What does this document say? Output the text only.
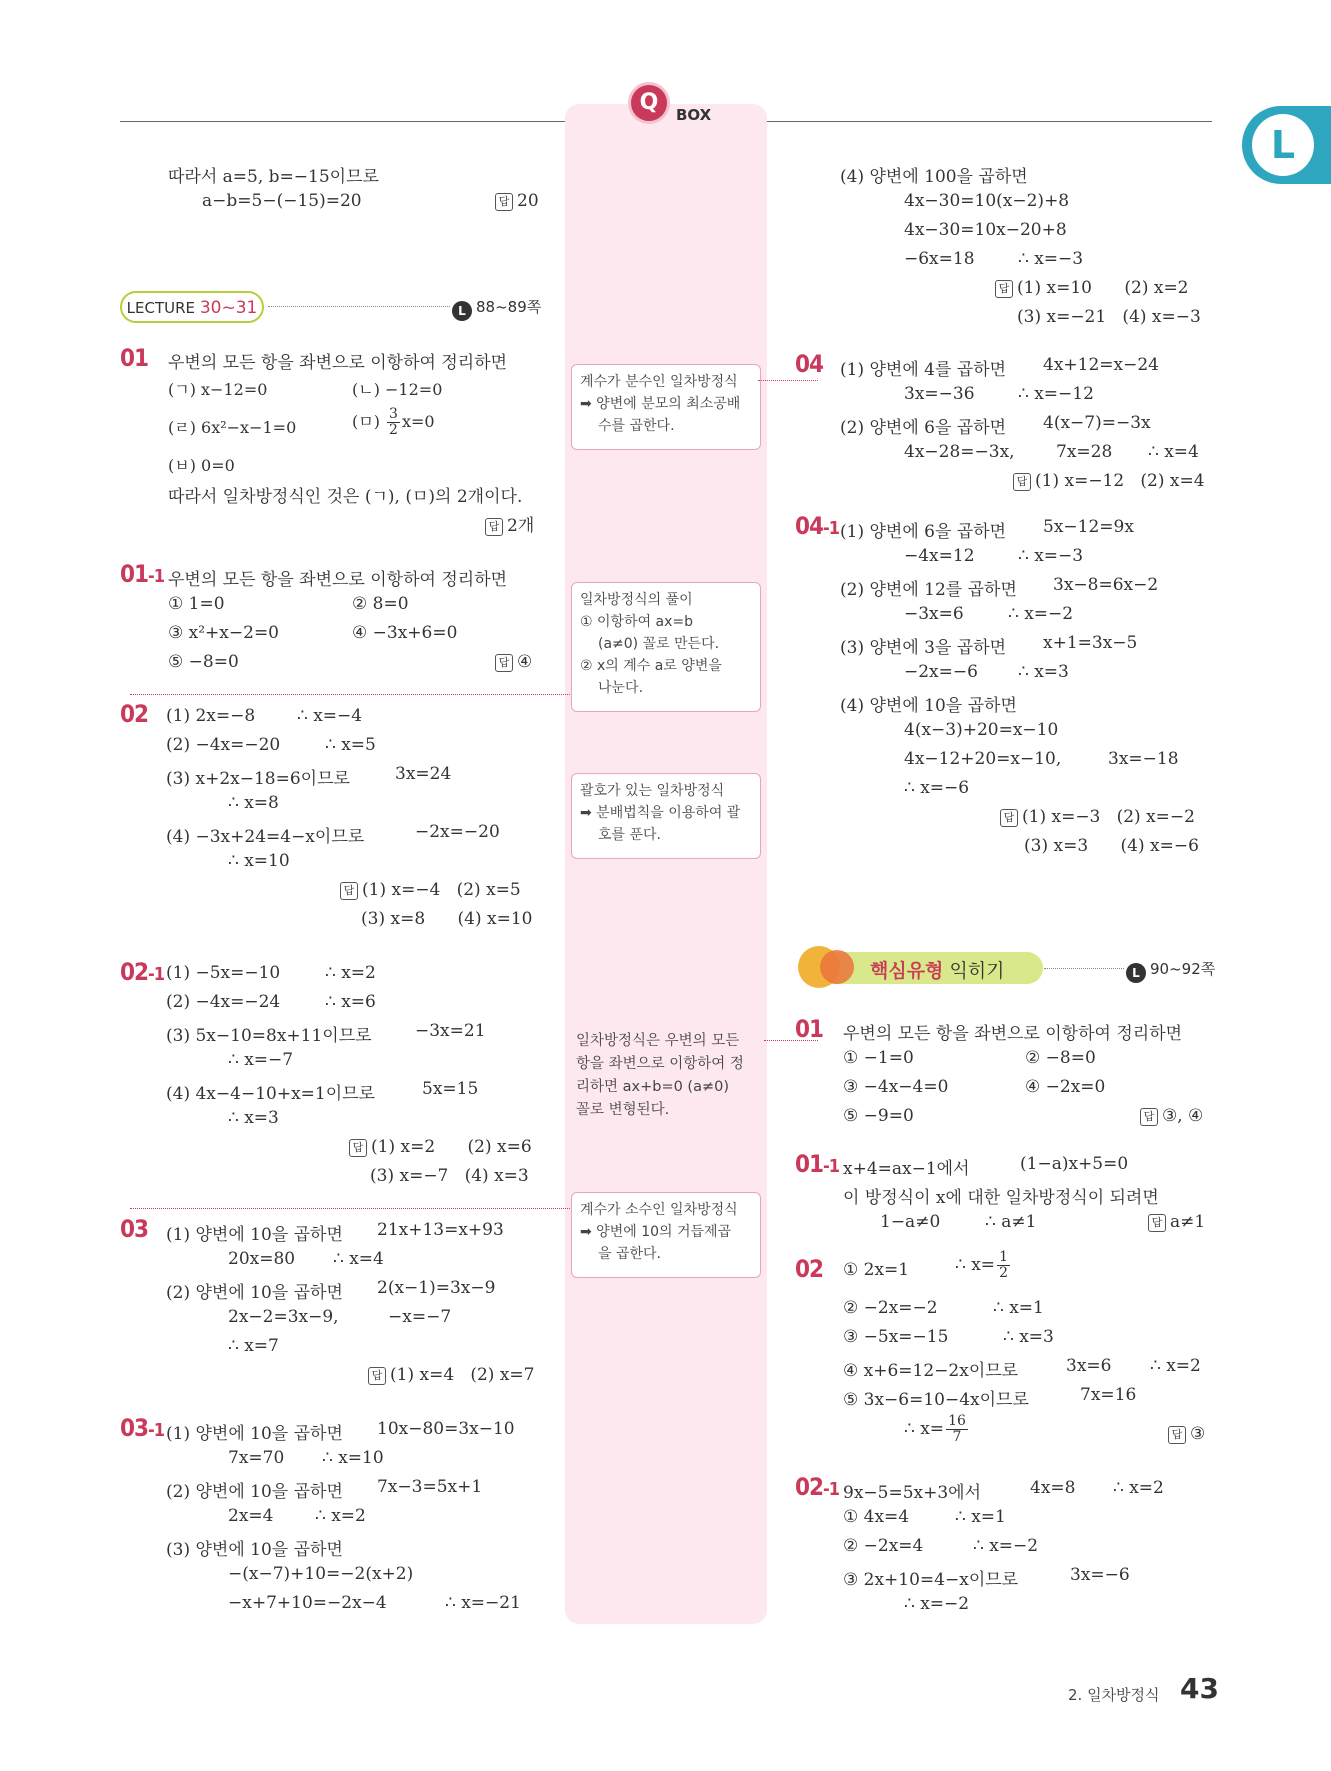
Q	BOX
L
따라서 a=5, b=−15이므로
a−b=5−(−15)=20	답 20
LECTURE 30~31	L 88~89쪽
01 우변의 모든 항을 좌변으로 이항하여 정리하면
(ㄱ) x−12=0	(ㄴ) −12=0
(ㄹ) 6x²−x−1=0	(ㅁ) $\frac{3}{2} x=0$
(ㅂ) 0=0
따라서 일차방정식인 것은 (ㄱ), (ㅁ)의 2개이다.
답 2개
01-1 우변의 모든 항을 좌변으로 이항하여 정리하면
① 1=0	② 8=0
③ x²+x−2=0	④ −3x+6=0
⑤ −8=0	답 ④
02 (1) 2x=−8 ∴ x=−4
(2) −4x=−20	∴ x=5
(3) x+2x−18=6이므로	3x=24
∴ x=8
(4) −3x+24=4−x이므로	−2x=−20
∴ x=10
답 (1) x=−4   (2) x=5
(3) x=8      (4) x=10
02-1 (1) −5x=−10	∴ x=2
(2) −4x=−24	∴ x=6
(3) 5x−10=8x+11이므로	−3x=21
∴ x=−7
(4) 4x−4−10+x=1이므로	5x=15
∴ x=3
답 (1) x=2      (2) x=6
(3) x=−7   (4) x=3
03 (1) 양변에 10을 곱하면 21x+13=x+93
20x=80 ∴ x=4
(2) 양변에 10을 곱하면 2(x−1)=3x−9
2x−2=3x−9,	−x=−7
∴ x=7
답 (1) x=4   (2) x=7
03-1 (1) 양변에 10을 곱하면 10x−80=3x−10
7x=70 ∴ x=10
(2) 양변에 10을 곱하면 7x−3=5x+1
2x=4 ∴ x=2
(3) 양변에 10을 곱하면
−(x−7)+10=−2(x+2)
−x+7+10=−2x−4	∴ x=−21
계수가 분수인 일차방정식
➡ 양변에 분모의 최소공배
수를 곱한다.
일차방정식의 풀이
① 이항하여 ax=b
(a≠0) 꼴로 만든다.
② x의 계수 a로 양변을
나눈다.
괄호가 있는 일차방정식
➡ 분배법칙을 이용하여 괄
호를 푼다.
일차방정식은 우변의 모든
항을 좌변으로 이항하여 정
리하면 ax+b=0 (a≠0)
꼴로 변형된다.
계수가 소수인 일차방정식
➡ 양변에 10의 거듭제곱
을 곱한다.
(4) 양변에 100을 곱하면
4x−30=10(x−2)+8
4x−30=10x−20+8
−6x=18	∴ x=−3
답 (1) x=10      (2) x=2
(3) x=−21   (4) x=−3
04 (1) 양변에 4를 곱하면 4x+12=x−24
3x=−36	∴ x=−12
(2) 양변에 6을 곱하면 4(x−7)=−3x
4x−28=−3x, 7x=28 ∴ x=4
답 (1) x=−12   (2) x=4
04-1 (1) 양변에 6을 곱하면 5x−12=9x
−4x=12	∴ x=−3
(2) 양변에 12를 곱하면 3x−8=6x−2
−3x=6	∴ x=−2
(3) 양변에 3을 곱하면 x+1=3x−5
−2x=−6 ∴ x=3
(4) 양변에 10을 곱하면
4(x−3)+20=x−10
4x−12+20=x−10,	3x=−18
∴ x=−6
답 (1) x=−3   (2) x=−2
(3) x=3      (4) x=−6
핵심유형 익히기	L 90~92쪽
01 우변의 모든 항을 좌변으로 이항하여 정리하면
① −1=0	② −8=0
③ −4x−4=0	④ −2x=0
⑤ −9=0	답 ③, ④
01-1 x+4=ax−1에서	(1−a)x+5=0
이 방정식이 x에 대한 일차방정식이 되려면
1−a≠0	∴ a≠1	답 a≠1
02 ① 2x=1	∴ $x= \frac{1}{2}$
② −2x=−2	∴ x=1
③ −5x=−15	∴ x=3
④ x+6=12−2x이므로	3x=6 ∴ x=2
⑤ 3x−6=10−4x이므로	7x=16
∴ $x= \frac{16}{7}$	답 ③
02-1 9x−5=5x+3에서	4x=8 ∴ x=2
① 4x=4	∴ x=1
② −2x=4	∴ x=−2
③ 2x+10=4−x이므로	3x=−6
∴ x=−2
2. 일차방정식 43
